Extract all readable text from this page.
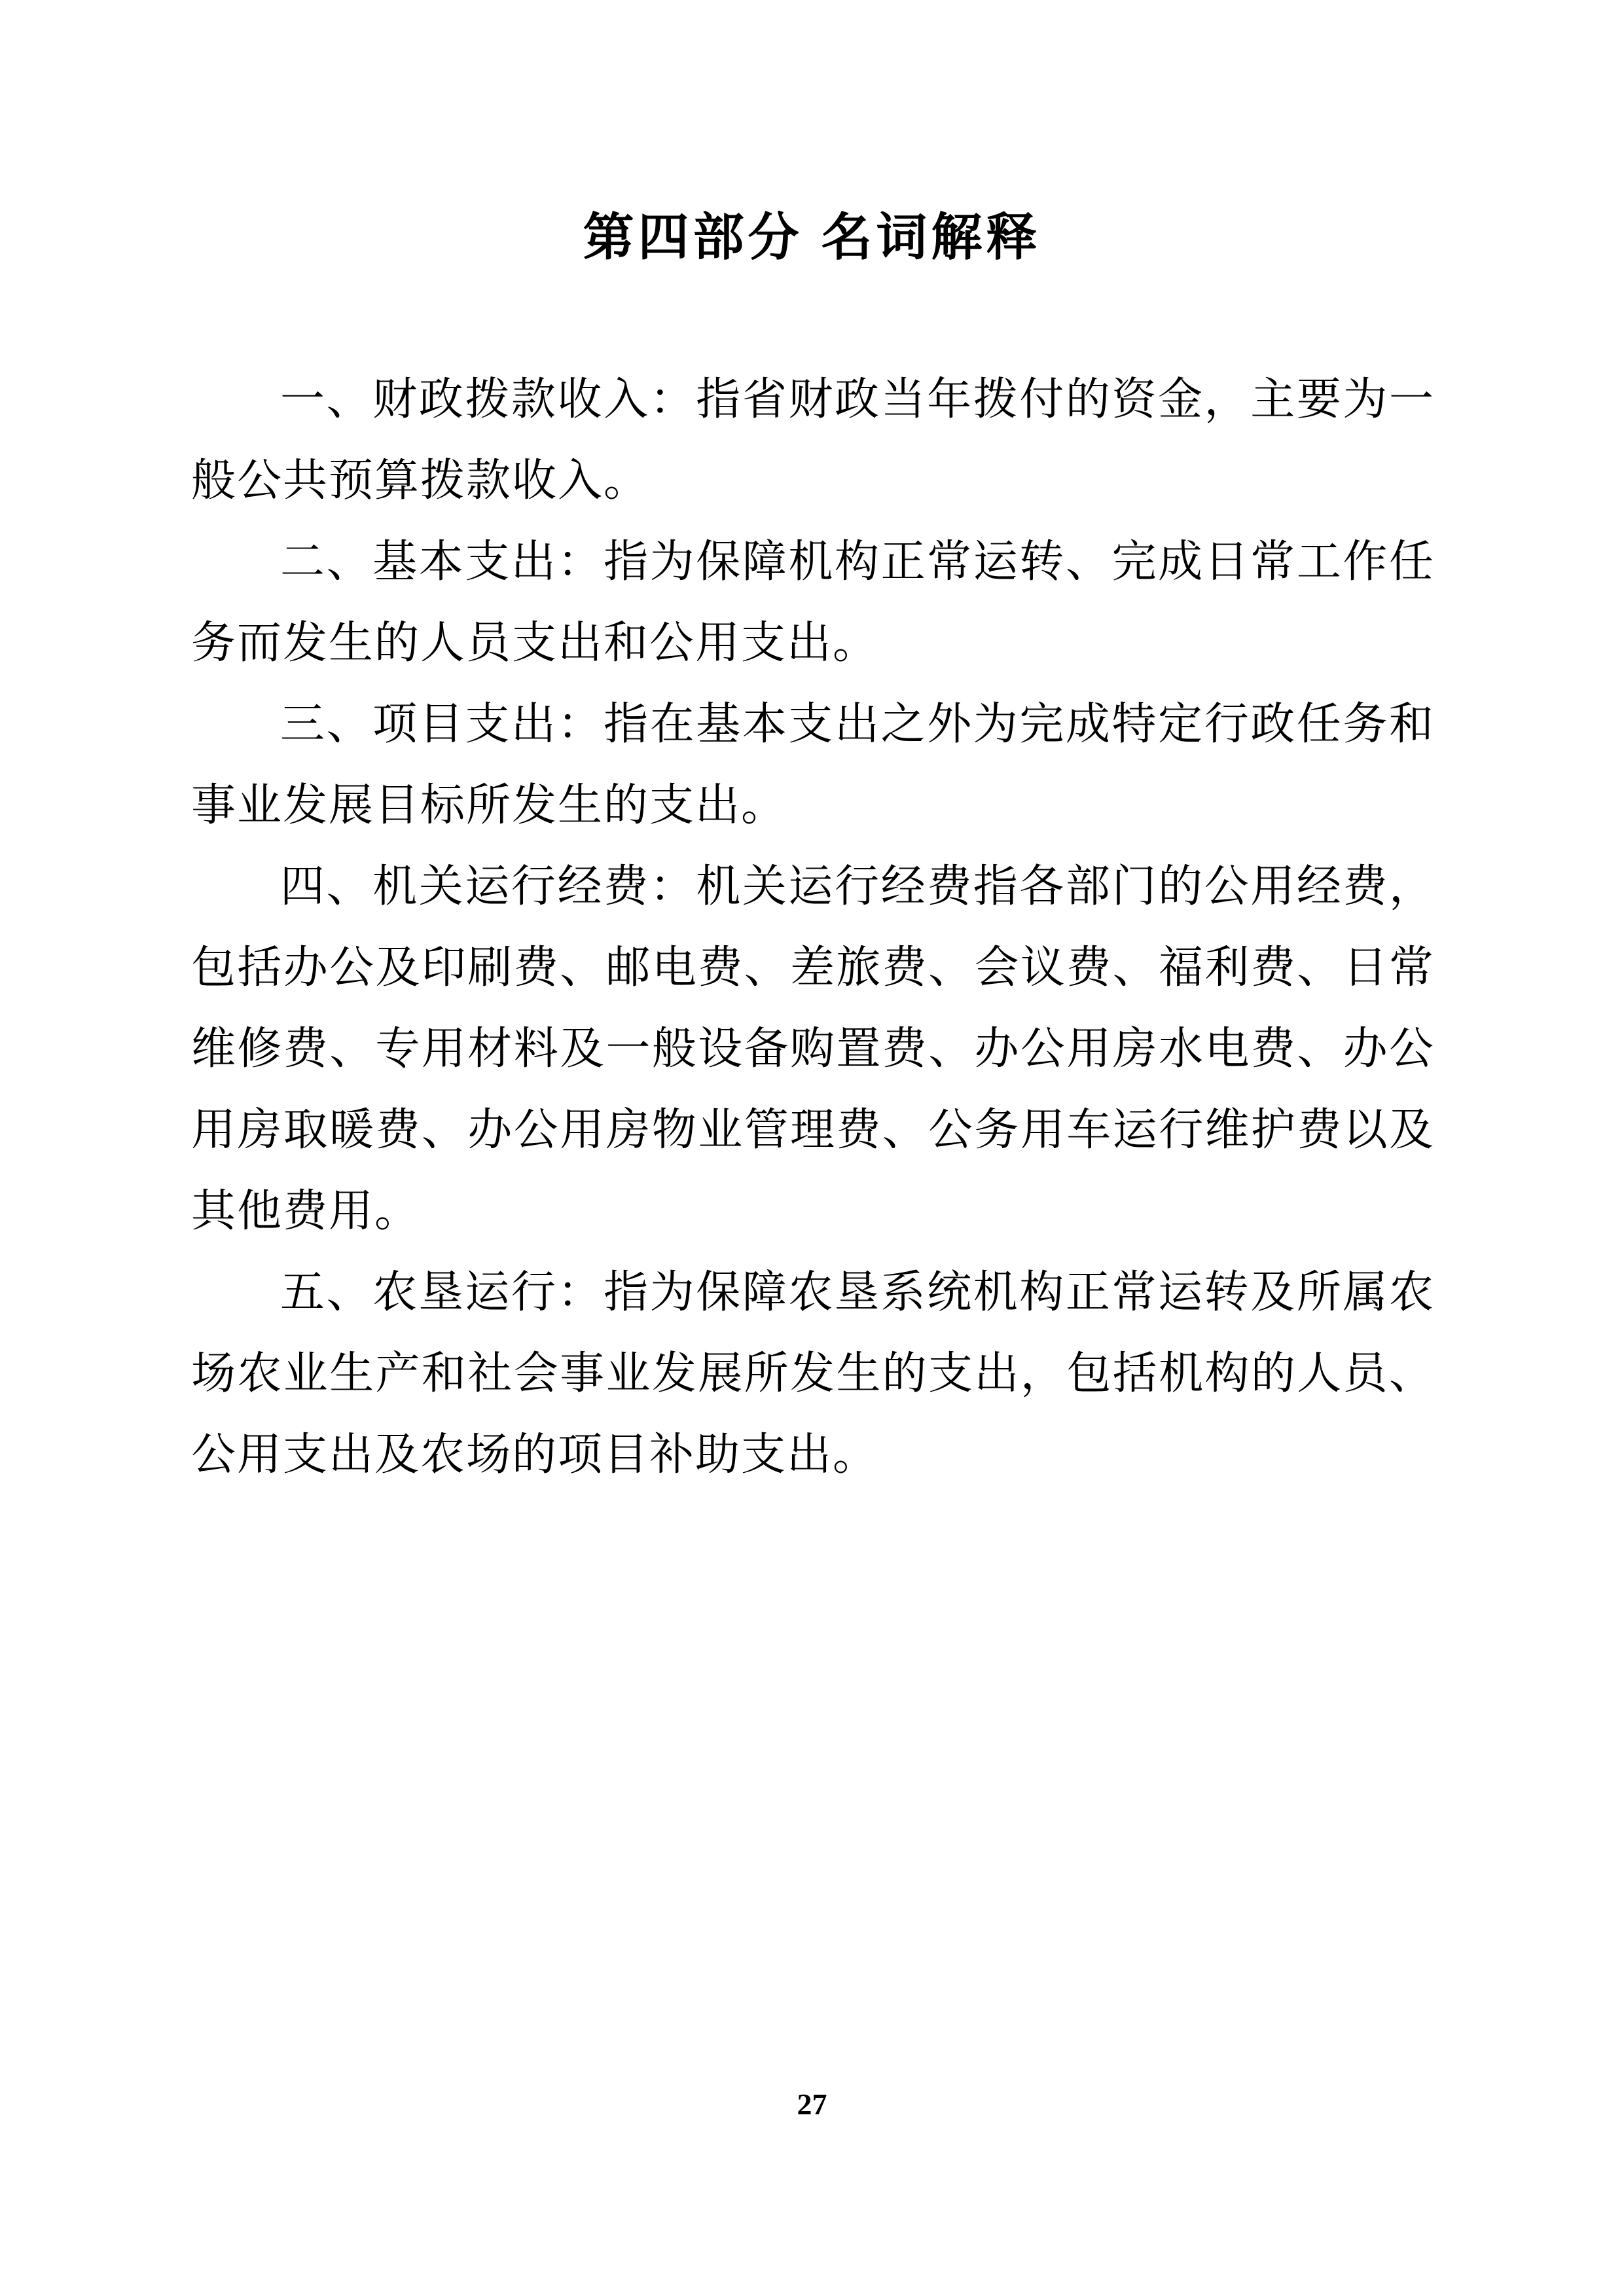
第四部分 名词解释

一、财政拨款收入：指省财政当年拨付的资金，主要为一般公共预算拨款收入。

二、基本支出：指为保障机构正常运转、完成日常工作任务而发生的人员支出和公用支出。

三、项目支出：指在基本支出之外为完成特定行政任务和事业发展目标所发生的支出。

四、机关运行经费：机关运行经费指各部门的公用经费，包括办公及印刷费、邮电费、差旅费、会议费、福利费、日常维修费、专用材料及一般设备购置费、办公用房水电费、办公用房取暖费、办公用房物业管理费、公务用车运行维护费以及其他费用。

五、农垦运行：指为保障农垦系统机构正常运转及所属农场农业生产和社会事业发展所发生的支出，包括机构的人员、公用支出及农场的项目补助支出。

27
